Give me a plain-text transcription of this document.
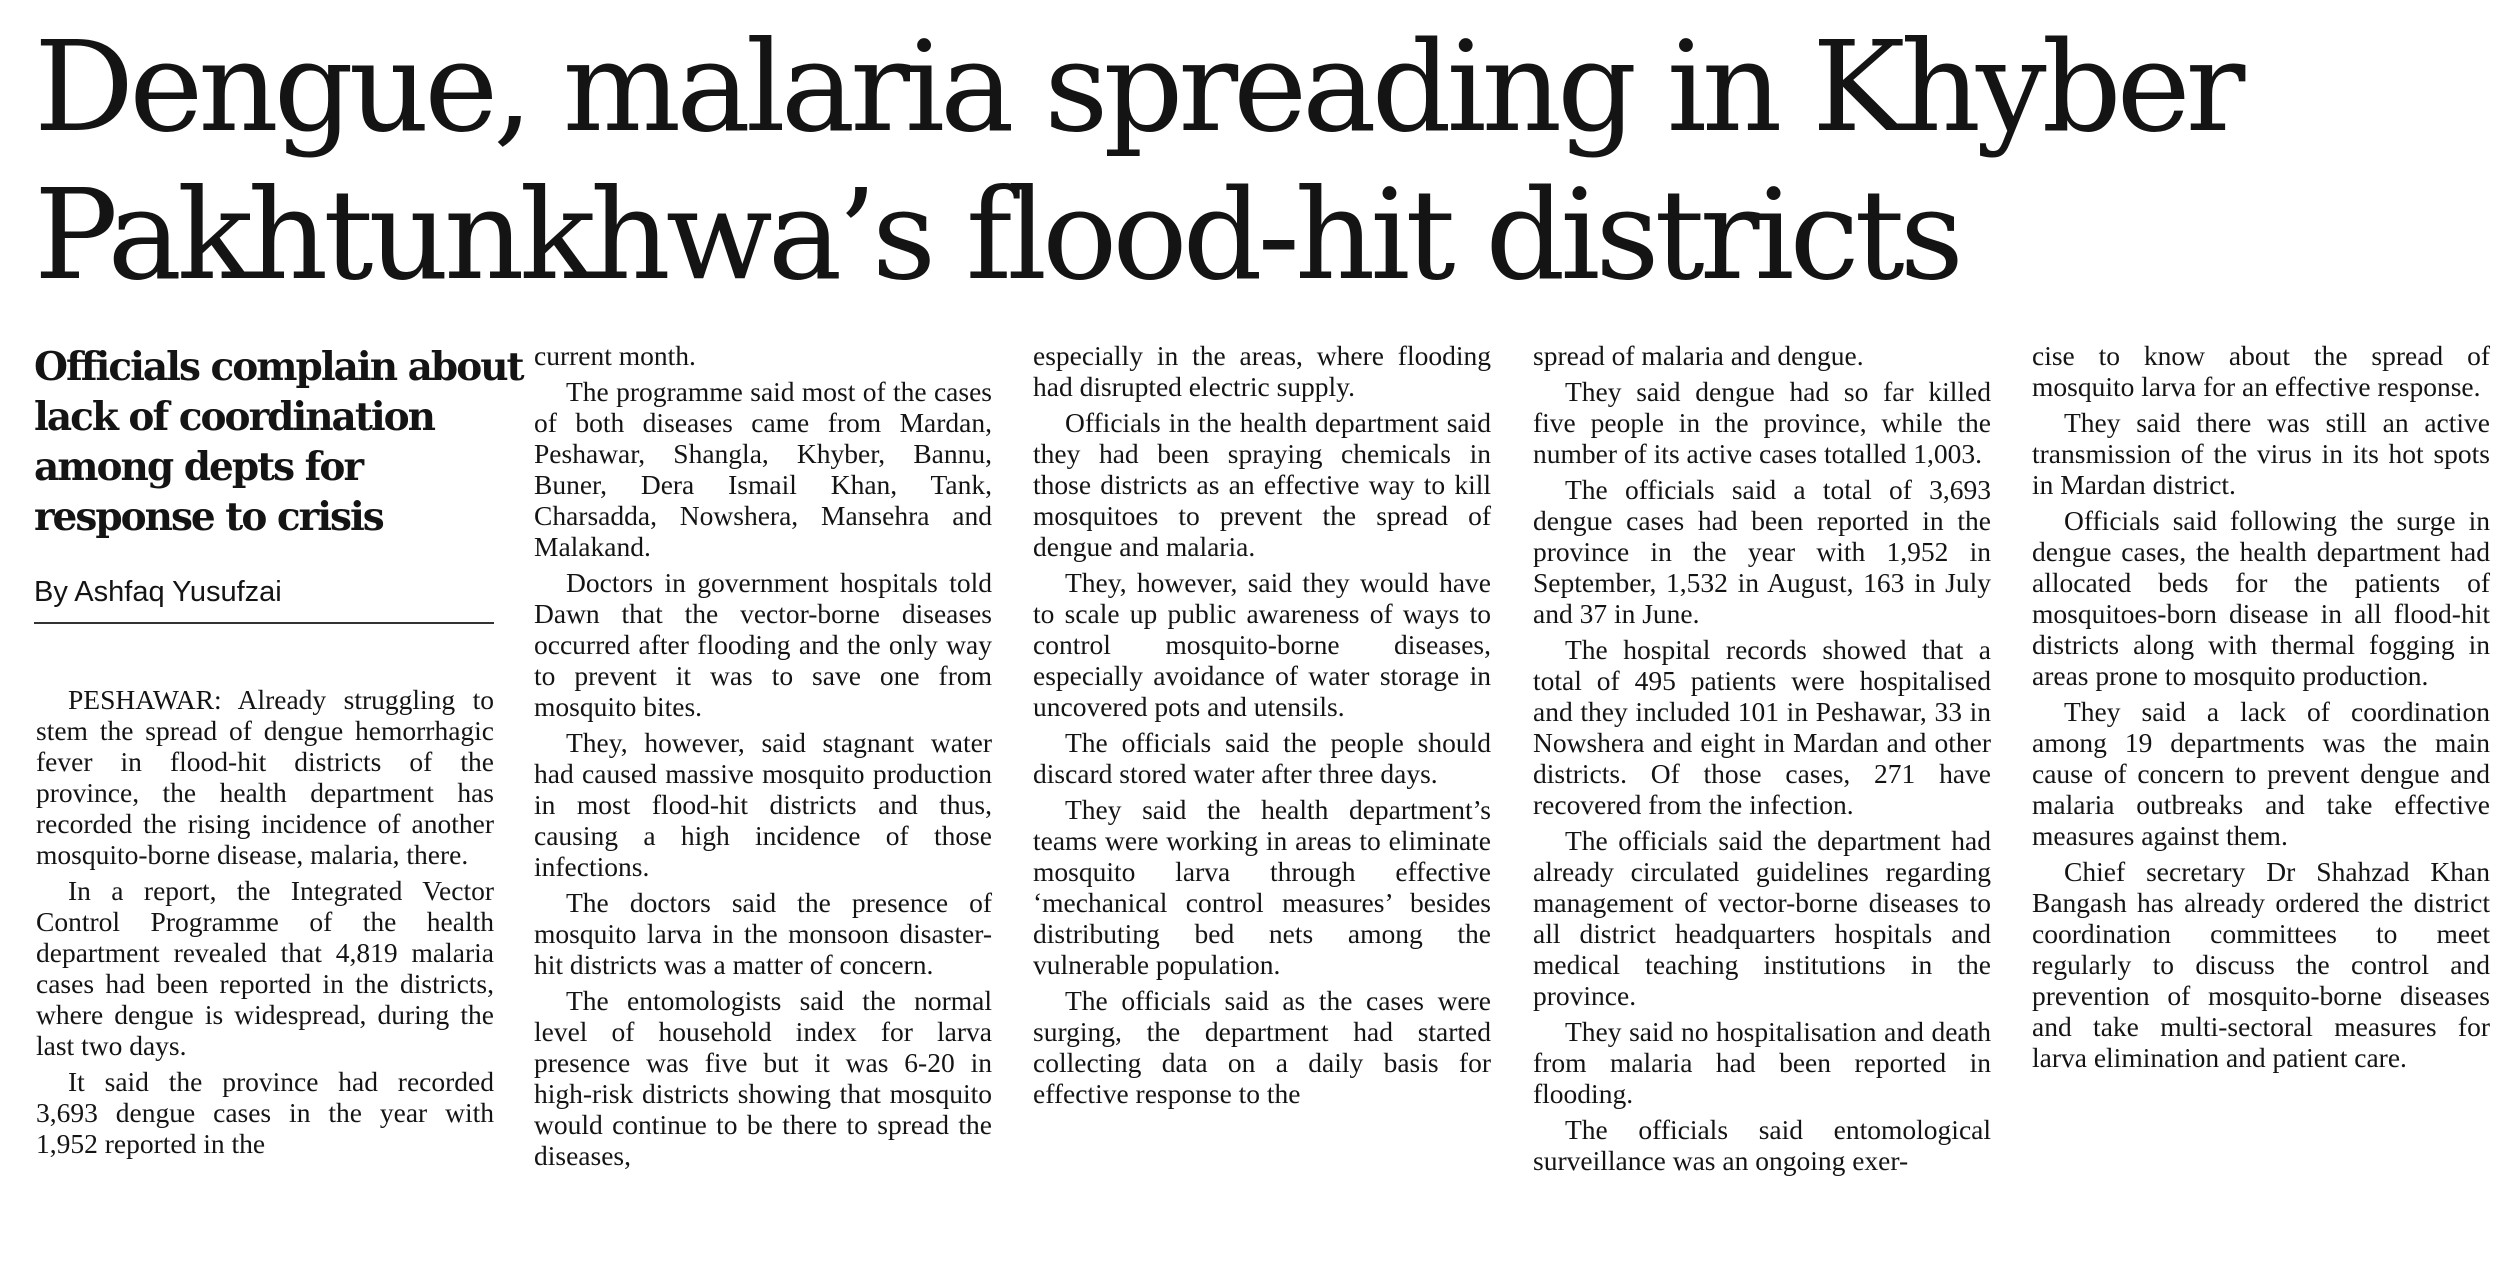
Dengue, malaria spreading in Khyber
Pakhtunkhwa’s flood-hit districts
Officials complain about
lack of coordination
among depts for
response to crisis
By Ashfaq Yusufzai

PESHAWAR: Already struggling to stem the spread of dengue hemorrhagic fever in flood-hit districts of the province, the health department has recorded the rising incidence of another mosquito-borne disease, malaria, there.

In a report, the Integrated Vector Control Programme of the health department revealed that 4,819 malaria cases had been reported in the districts, where dengue is widespread, during the last two days.

It said the province had recorded 3,693 dengue cases in the year with 1,952 reported in the

current month.

The programme said most of the cases of both diseases came from Mardan, Peshawar, Shangla, Khyber, Bannu, Buner, Dera Ismail Khan, Tank, Charsadda, Nowshera, Mansehra and Malakand.

Doctors in government hospitals told Dawn that the vector-borne diseases occurred after flooding and the only way to prevent it was to save one from mosquito bites.

They, however, said stagnant water had caused massive mosquito production in most flood-hit districts and thus, causing a high incidence of those infections.

The doctors said the presence of mosquito larva in the monsoon disaster-hit districts was a matter of concern.

The entomologists said the normal level of household index for larva presence was five but it was 6-20 in high-risk districts showing that mosquito would continue to be there to spread the diseases,

especially in the areas, where flooding had disrupted electric supply.

Officials in the health department said they had been spraying chemicals in those districts as an effective way to kill mosquitoes to prevent the spread of dengue and malaria.

They, however, said they would have to scale up public awareness of ways to control mosquito-borne diseases, especially avoidance of water storage in uncovered pots and utensils.

The officials said the people should discard stored water after three days.

They said the health department’s teams were working in areas to eliminate mosquito larva through effective ‘mechanical control measures’ besides distributing bed nets among the vulnerable population.

The officials said as the cases were surging, the department had started collecting data on a daily basis for effective response to the

spread of malaria and dengue.

They said dengue had so far killed five people in the province, while the number of its active cases totalled 1,003.

The officials said a total of 3,693 dengue cases had been reported in the province in the year with 1,952 in September, 1,532 in August, 163 in July and 37 in June.

The hospital records showed that a total of 495 patients were hospitalised and they included 101 in Peshawar, 33 in Nowshera and eight in Mardan and other districts. Of those cases, 271 have recovered from the infection.

The officials said the department had already circulated guidelines regarding management of vector-borne diseases to all district headquarters hospitals and medical teaching institutions in the province.

They said no hospitalisation and death from malaria had been reported in flooding.

The officials said entomological surveillance was an ongoing exer-

cise to know about the spread of mosquito larva for an effective response.

They said there was still an active transmission of the virus in its hot spots in Mardan district.

Officials said following the surge in dengue cases, the health department had allocated beds for the patients of mosquitoes-born disease in all flood-hit districts along with thermal fogging in areas prone to mosquito production.

They said a lack of coordination among 19 departments was the main cause of concern to prevent dengue and malaria outbreaks and take effective measures against them.

Chief secretary Dr Shahzad Khan Bangash has already ordered the district coordination committees to meet regularly to discuss the control and prevention of mosquito-borne diseases and take multi-sectoral measures for larva elimination and patient care.
